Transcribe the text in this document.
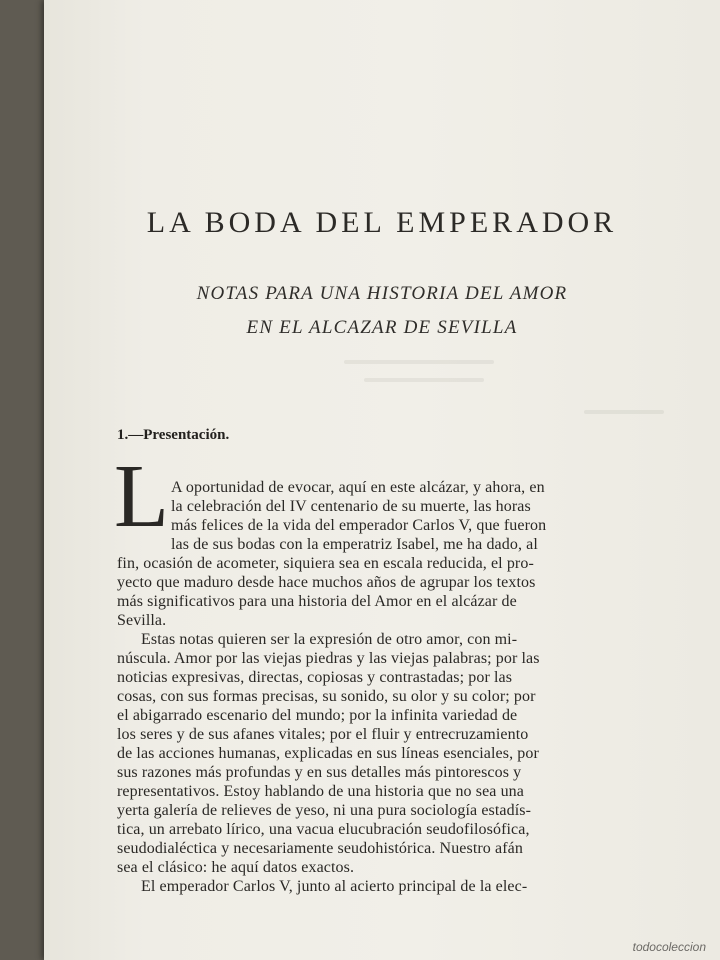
LA BODA DEL EMPERADOR
NOTAS PARA UNA HISTORIA DEL AMOR
EN EL ALCAZAR DE SEVILLA
1.—Presentación.
L A oportunidad de evocar, aquí en este alcázar, y ahora, en
la celebración del IV centenario de su muerte, las horas
más felices de la vida del emperador Carlos V, que fueron
las de sus bodas con la emperatriz Isabel, me ha dado, al
fin, ocasión de acometer, siquiera sea en escala reducida, el pro-
yecto que maduro desde hace muchos años de agrupar los textos
más significativos para una historia del Amor en el alcázar de
Sevilla.
Estas notas quieren ser la expresión de otro amor, con mi-
núscula. Amor por las viejas piedras y las viejas palabras; por las
noticias expresivas, directas, copiosas y contrastadas; por las
cosas, con sus formas precisas, su sonido, su olor y su color; por
el abigarrado escenario del mundo; por la infinita variedad de
los seres y de sus afanes vitales; por el fluir y entrecruzamiento
de las acciones humanas, explicadas en sus líneas esenciales, por
sus razones más profundas y en sus detalles más pintorescos y
representativos. Estoy hablando de una historia que no sea una
yerta galería de relieves de yeso, ni una pura sociología estadís-
tica, un arrebato lírico, una vacua elucubración seudofilosófica,
seudodialéctica y necesariamente seudohistórica. Nuestro afán
sea el clásico: he aquí datos exactos.
El emperador Carlos V, junto al acierto principal de la elec-
todocoleccion
